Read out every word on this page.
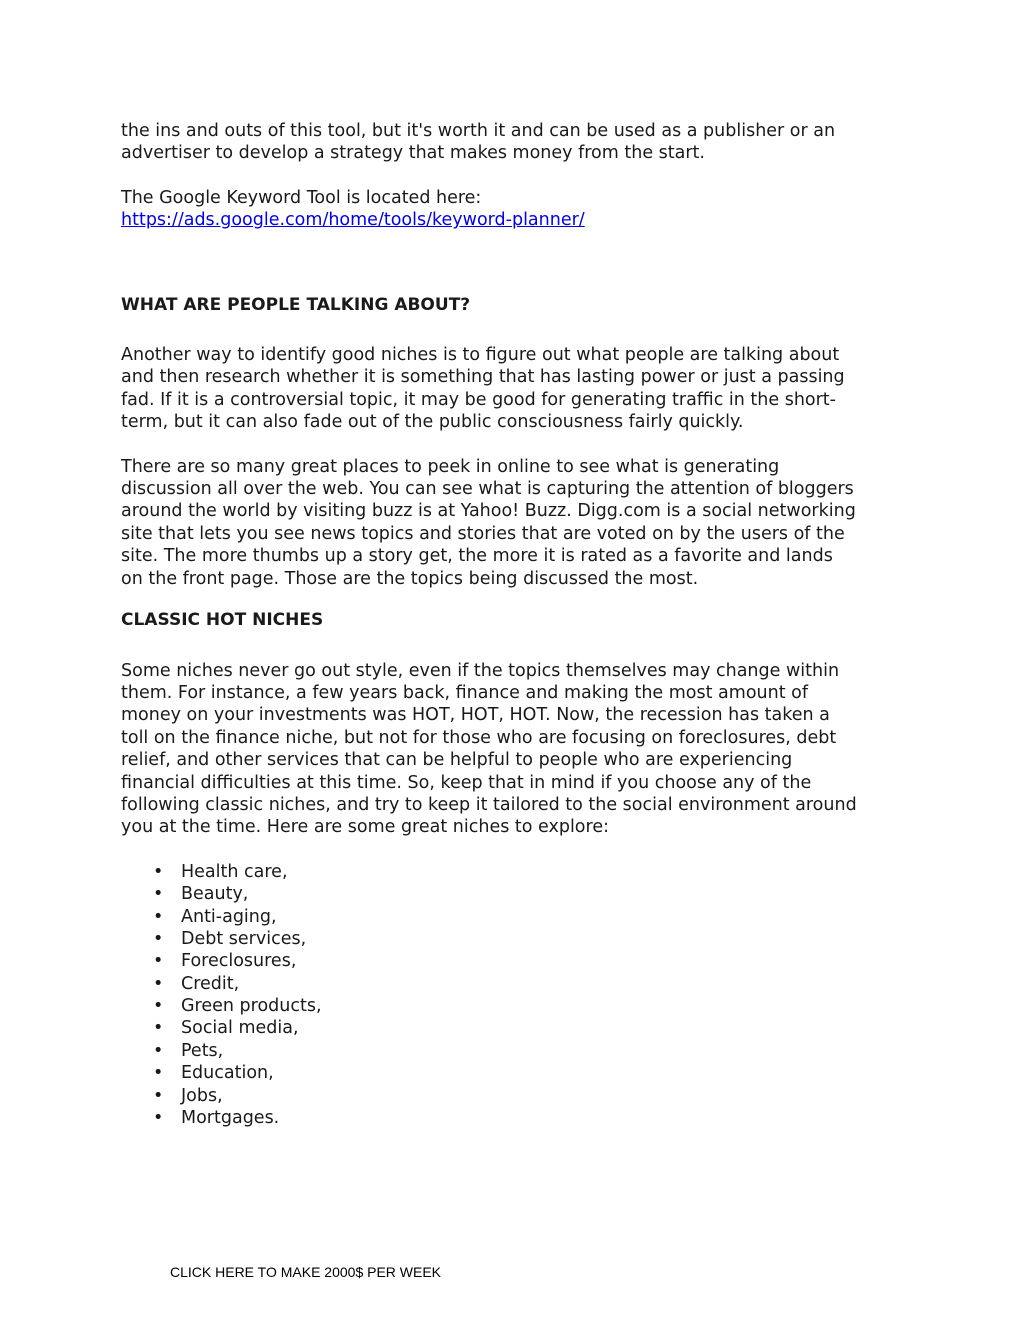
the ins and outs of this tool, but it's worth it and can be used as a publisher or an
advertiser to develop a strategy that makes money from the start.

The Google Keyword Tool is located here:
https://ads.google.com/home/tools/keyword-planner/

WHAT ARE PEOPLE TALKING ABOUT?

Another way to identify good niches is to figure out what people are talking about
and then research whether it is something that has lasting power or just a passing
fad. If it is a controversial topic, it may be good for generating traffic in the short-
term, but it can also fade out of the public consciousness fairly quickly.

There are so many great places to peek in online to see what is generating
discussion all over the web. You can see what is capturing the attention of bloggers
around the world by visiting buzz is at Yahoo! Buzz. Digg.com is a social networking
site that lets you see news topics and stories that are voted on by the users of the
site. The more thumbs up a story get, the more it is rated as a favorite and lands
on the front page. Those are the topics being discussed the most.

CLASSIC HOT NICHES

Some niches never go out style, even if the topics themselves may change within
them. For instance, a few years back, finance and making the most amount of
money on your investments was HOT, HOT, HOT. Now, the recession has taken a
toll on the finance niche, but not for those who are focusing on foreclosures, debt
relief, and other services that can be helpful to people who are experiencing
financial difficulties at this time. So, keep that in mind if you choose any of the
following classic niches, and try to keep it tailored to the social environment around
you at the time. Here are some great niches to explore:

• Health care,
• Beauty,
• Anti-aging,
• Debt services,
• Foreclosures,
• Credit,
• Green products,
• Social media,
• Pets,
• Education,
• Jobs,
• Mortgages.
CLICK HERE TO MAKE 2000$ PER WEEK
